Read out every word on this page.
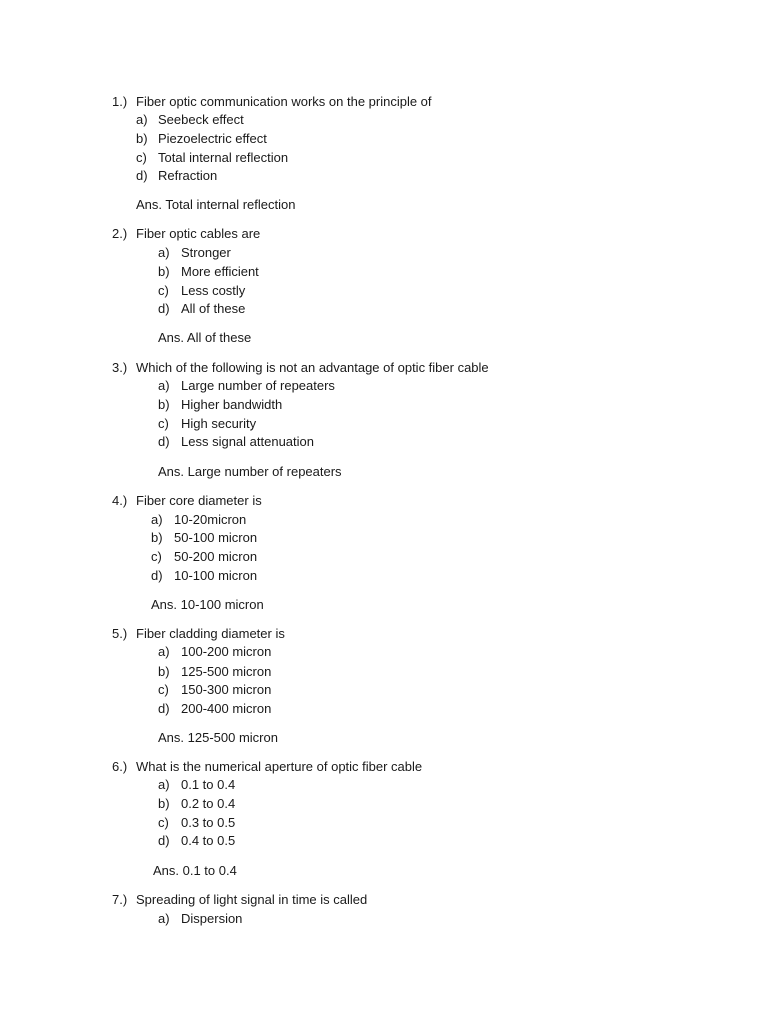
1.) Fiber optic communication works on the principle of
a) Seebeck effect
b) Piezoelectric effect
c) Total internal reflection
d) Refraction
Ans. Total internal reflection
2.) Fiber optic cables are
a) Stronger
b) More efficient
c) Less costly
d) All of these
Ans. All of these
3.) Which of the following is not an advantage of optic fiber cable
a) Large number of repeaters
b) Higher bandwidth
c) High security
d) Less signal attenuation
Ans. Large number of repeaters
4.) Fiber core diameter is
a) 10-20micron
b) 50-100 micron
c) 50-200 micron
d) 10-100 micron
Ans. 10-100 micron
5.) Fiber cladding diameter is
a) 100-200 micron
b) 125-500 micron
c) 150-300 micron
d) 200-400 micron
Ans. 125-500 micron
6.) What is the numerical aperture of optic fiber cable
a) 0.1 to 0.4
b) 0.2 to 0.4
c) 0.3 to 0.5
d) 0.4 to 0.5
Ans. 0.1 to 0.4
7.) Spreading of light signal in time is called
a) Dispersion
